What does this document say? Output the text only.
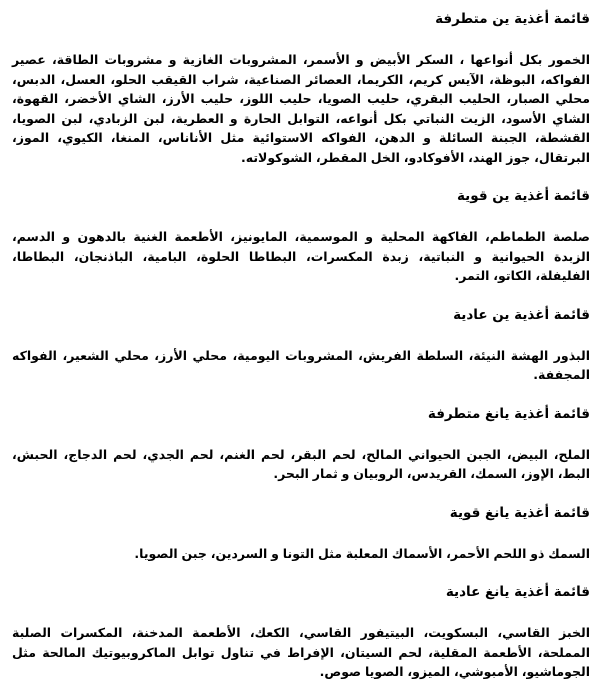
قائمة أغذية ين متطرفة
الخمور بكل أنواعها ، السكر الأبيض و الأسمر، المشروبات الغازية و مشروبات الطاقة، عصير الفواكه، البوظة، الآيس كريم، الكريما، العصائر الصناعية، شراب القيقب الحلو، العسل، الدبس، محلي الصبار، الحليب البقري، حليب الصويا، حليب اللوز، حليب الأرز، الشاي الأخضر، القهوة، الشاي الأسود، الزيت النباتي بكل أنواعه، التوابل الحارة و العطرية، لبن الزبادي، لبن الصويا، القشطة، الجبنة السائلة و الدهن، الفواكه الاستوائية مثل الأناناس، المنغا، الكيوي، الموز، البرتقال، جوز الهند، الأفوكادو، الخل المقطر، الشوكولاته.
قائمة أغذية ين قوية
صلصة الطماطم، الفاكهة المحلية و الموسمية، المايونيز، الأطعمة الغنية بالدهون و الدسم، الزبدة الحيوانية و النباتية، زبدة المكسرات، البطاطا الحلوة، البامية، الباذنجان، البطاطا، الفليفلة، الكاتو، التمر.
قائمة أغذية ين عادية
البذور الهشة النيئة، السلطة الفريش، المشروبات اليومية، محلي الأرز، محلي الشعير، الفواكه المجففة.
قائمة أغذية يانغ متطرفة
الملح، البيض، الجبن الحيواني المالح، لحم البقر، لحم الغنم، لحم الجدي، لحم الدجاج، الحبش، البط، الإوز، السمك، القريدس، الروبيان و ثمار البحر.
قائمة أغذية يانغ قوية
السمك ذو اللحم الأحمر، الأسماك المعلبة مثل التونا و السردين، جبن الصويا.
قائمة أغذية يانغ عادية
الخبز القاسي، البسكويت، البيتيفور القاسي، الكعك، الأطعمة المدخنة، المكسرات الصلبة المملحة، الأطعمة المقلية، لحم السيتان، الإفراط في تناول توابل الماكروبيوتيك المالحة مثل الجوماشيو، الأمبوشي، الميزو، الصويا صوص.
